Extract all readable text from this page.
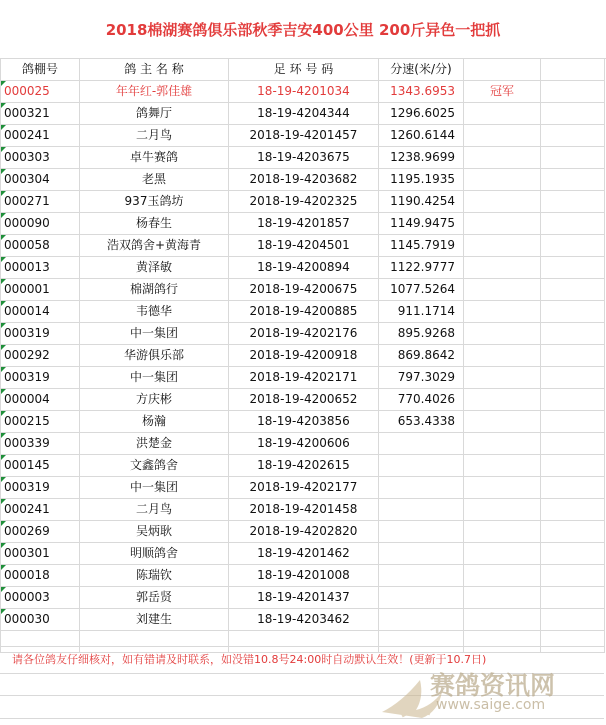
2018棉湖赛鸽俱乐部秋季吉安400公里 200斤异色一把抓
鸽棚号	鸽 主 名 称	足 环 号 码	分速(米/分)		
000025	年年红-郭佳雄	18-19-4201034	1343.6953	冠军	
000321	鸽舞厅	18-19-4204344	1296.6025		
000241	二月鸟	2018-19-4201457	1260.6144		
000303	卓牛赛鸽	18-19-4203675	1238.9699		
000304	老黑	2018-19-4203682	1195.1935		
000271	937玉鸽坊	2018-19-4202325	1190.4254		
000090	杨春生	18-19-4201857	1149.9475		
000058	浩双鸽舍+黄海青	18-19-4204501	1145.7919		
000013	黄泽敏	18-19-4200894	1122.9777		
000001	棉湖鸽行	2018-19-4200675	1077.5264		
000014	韦德华	2018-19-4200885	911.1714		
000319	中一集团	2018-19-4202176	895.9268		
000292	华游俱乐部	2018-19-4200918	869.8642		
000319	中一集团	2018-19-4202171	797.3029		
000004	方庆彬	2018-19-4200652	770.4026		
000215	杨瀚	18-19-4203856	653.4338		
000339	洪楚金	18-19-4200606			
000145	文鑫鸽舍	18-19-4202615			
000319	中一集团	2018-19-4202177			
000241	二月鸟	2018-19-4201458			
000269	吴炳耿	2018-19-4202820			
000301	明顺鸽舍	18-19-4201462			
000018	陈瑞钦	18-19-4201008			
000003	郭岳贤	18-19-4201437			
000030	刘建生	18-19-4203462			

请各位鸽友仔细核对，如有错请及时联系，如没错10.8号24:00时自动默认生效！(更新于10.7日)
赛鸽资讯网
www.saige.com
